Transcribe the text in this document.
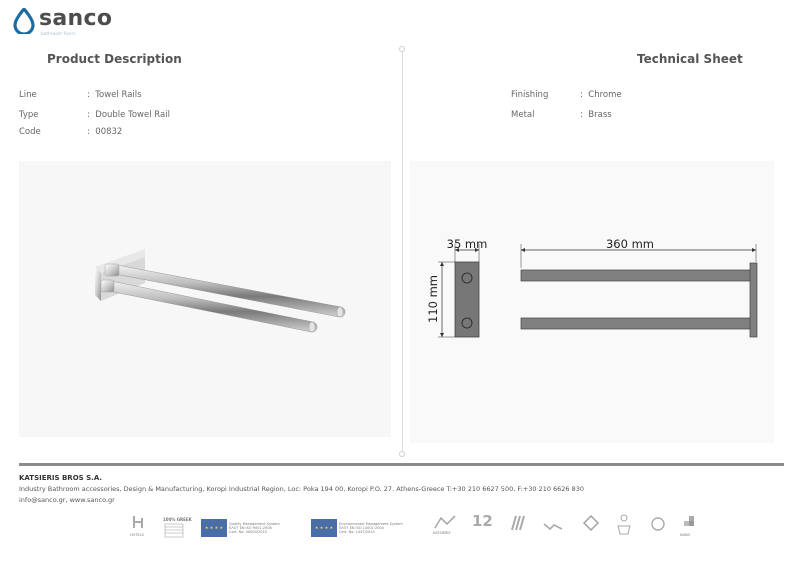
sanco
bathroom fixers
Product Description	Technical Sheet
Line	:  Towel Rails
Type	:  Double Towel Rail
Code	:  00832
Finishing	:  Chrome
Metal	:  Brass
35 mm
110 mm
360 mm
KATSIERIS BROS S.A.
Industry Bathroom accessories, Design & Manufacturing, Koropi Industrial Region, Loc: Poka 194 00, Koropi P.O. 27. Athens-Greece T:+30 210 6627 500, F:+30 210 6626 830
info@sanco.gr, www.sanco.gr
HOTELS
100% GREEK
★ ★ ★ ★
Quality Management System
ΕΛΟΤ EN ISO 9001:2008
Cert. No: 00000/2010
★ ★ ★ ★
Environmental Management System
ΕΛΟΤ EN ISO 14001:2004
Cert. No: 1447/2010	KATSIERIS
12
NANO
